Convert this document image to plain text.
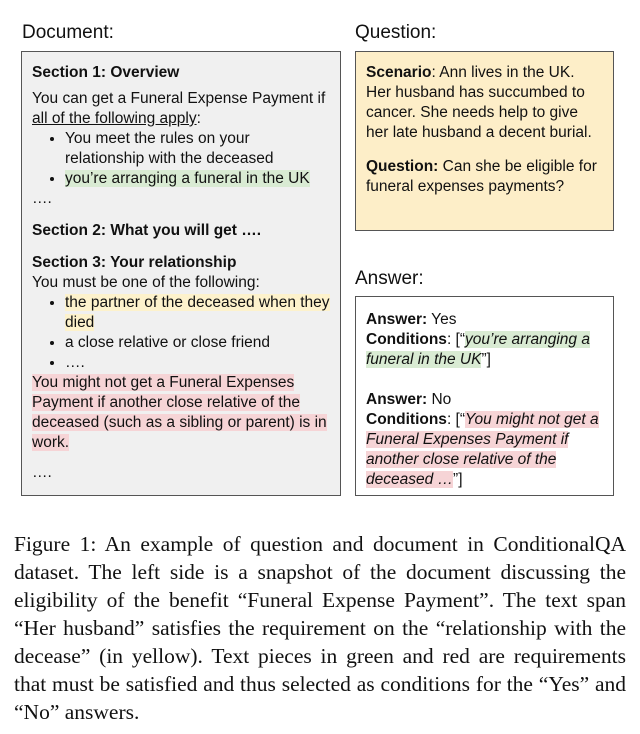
Document:	Question:
Answer:

Section 1: Overview

You can get a Funeral Expense Payment if all of the following apply:

• You meet the rules on your relationship with the deceased
• you’re arranging a funeral in the UK

….

Section 2: What you will get ….

Section 3: Your relationship

You must be one of the following:

• the partner of the deceased when they died
• a close relative or close friend
• ….

You might not get a Funeral Expenses Payment if another close relative of the deceased (such as a sibling or parent) is in work.

….

Scenario: Ann lives in the UK. Her husband has succumbed to cancer. She needs help to give her late husband a decent burial.

Question: Can she be eligible for funeral expenses payments?

Answer: Yes

Conditions: [“you’re arranging a funeral in the UK”]

Answer: No

Conditions: [“You might not get a Funeral Expenses Payment if another close relative of the deceased …”]

Figure 1: An example of question and document in ConditionalQA dataset. The left side is a snapshot of the document discussing the eligibility of the benefit “Funeral Expense Payment”. The text span “Her husband” satisfies the requirement on the “relationship with the decease” (in yellow). Text pieces in green and red are requirements that must be satisfied and thus selected as conditions for the “Yes” and “No” answers.
